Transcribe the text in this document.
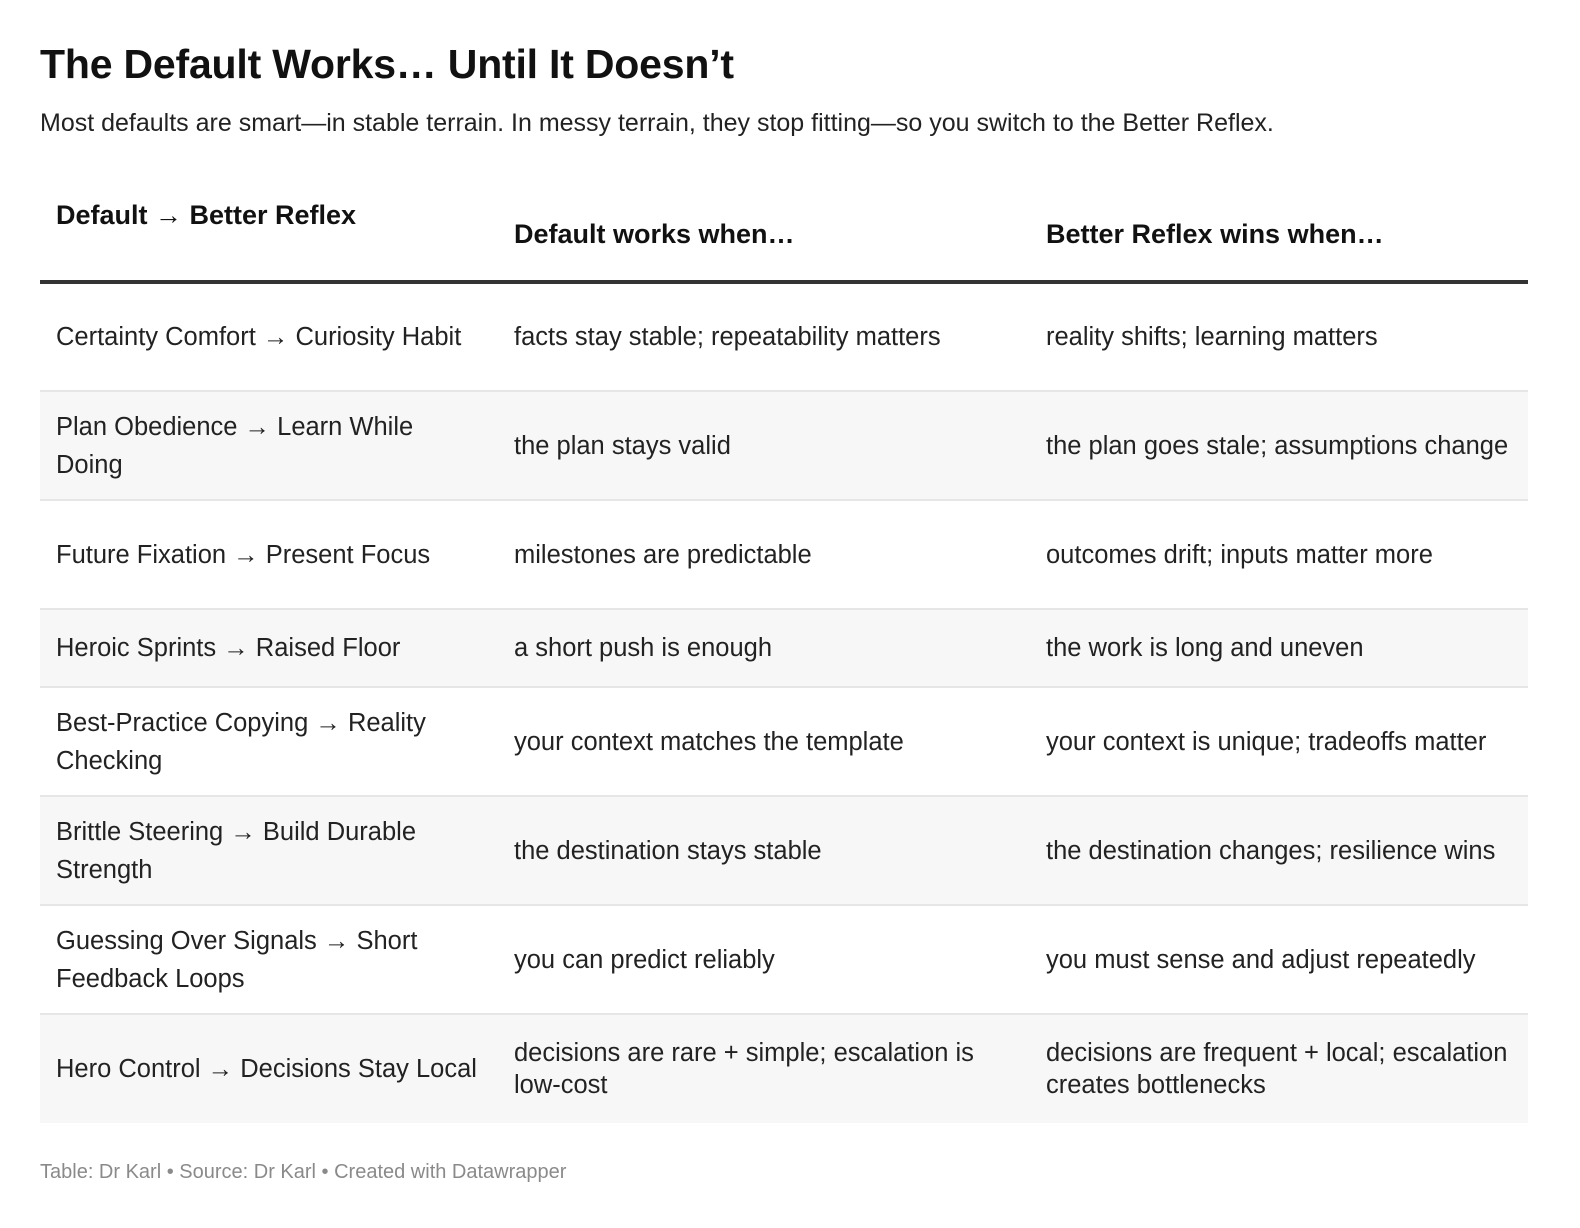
The Default Works… Until It Doesn’t

Most defaults are smart—in stable terrain. In messy terrain, they stop fitting—so you switch to the Better Reflex.

Default → Better Reflex	Default works when…	Better Reflex wins when…
Certainty Comfort → Curiosity Habit	facts stay stable; repeatability matters	reality shifts; learning matters
Plan Obedience → Learn While Doing	the plan stays valid	the plan goes stale; assumptions change
Future Fixation → Present Focus	milestones are predictable	outcomes drift; inputs matter more
Heroic Sprints → Raised Floor	a short push is enough	the work is long and uneven
Best-Practice Copying → Reality Checking	your context matches the template	your context is unique; tradeoffs matter
Brittle Steering → Build Durable Strength	the destination stays stable	the destination changes; resilience wins
Guessing Over Signals → Short Feedback Loops	you can predict reliably	you must sense and adjust repeatedly
Hero Control → Decisions Stay Local	decisions are rare + simple; escalation is low-cost	decisions are frequent + local; escalation creates bottlenecks
Table: Dr Karl • Source: Dr Karl • Created with Datawrapper
